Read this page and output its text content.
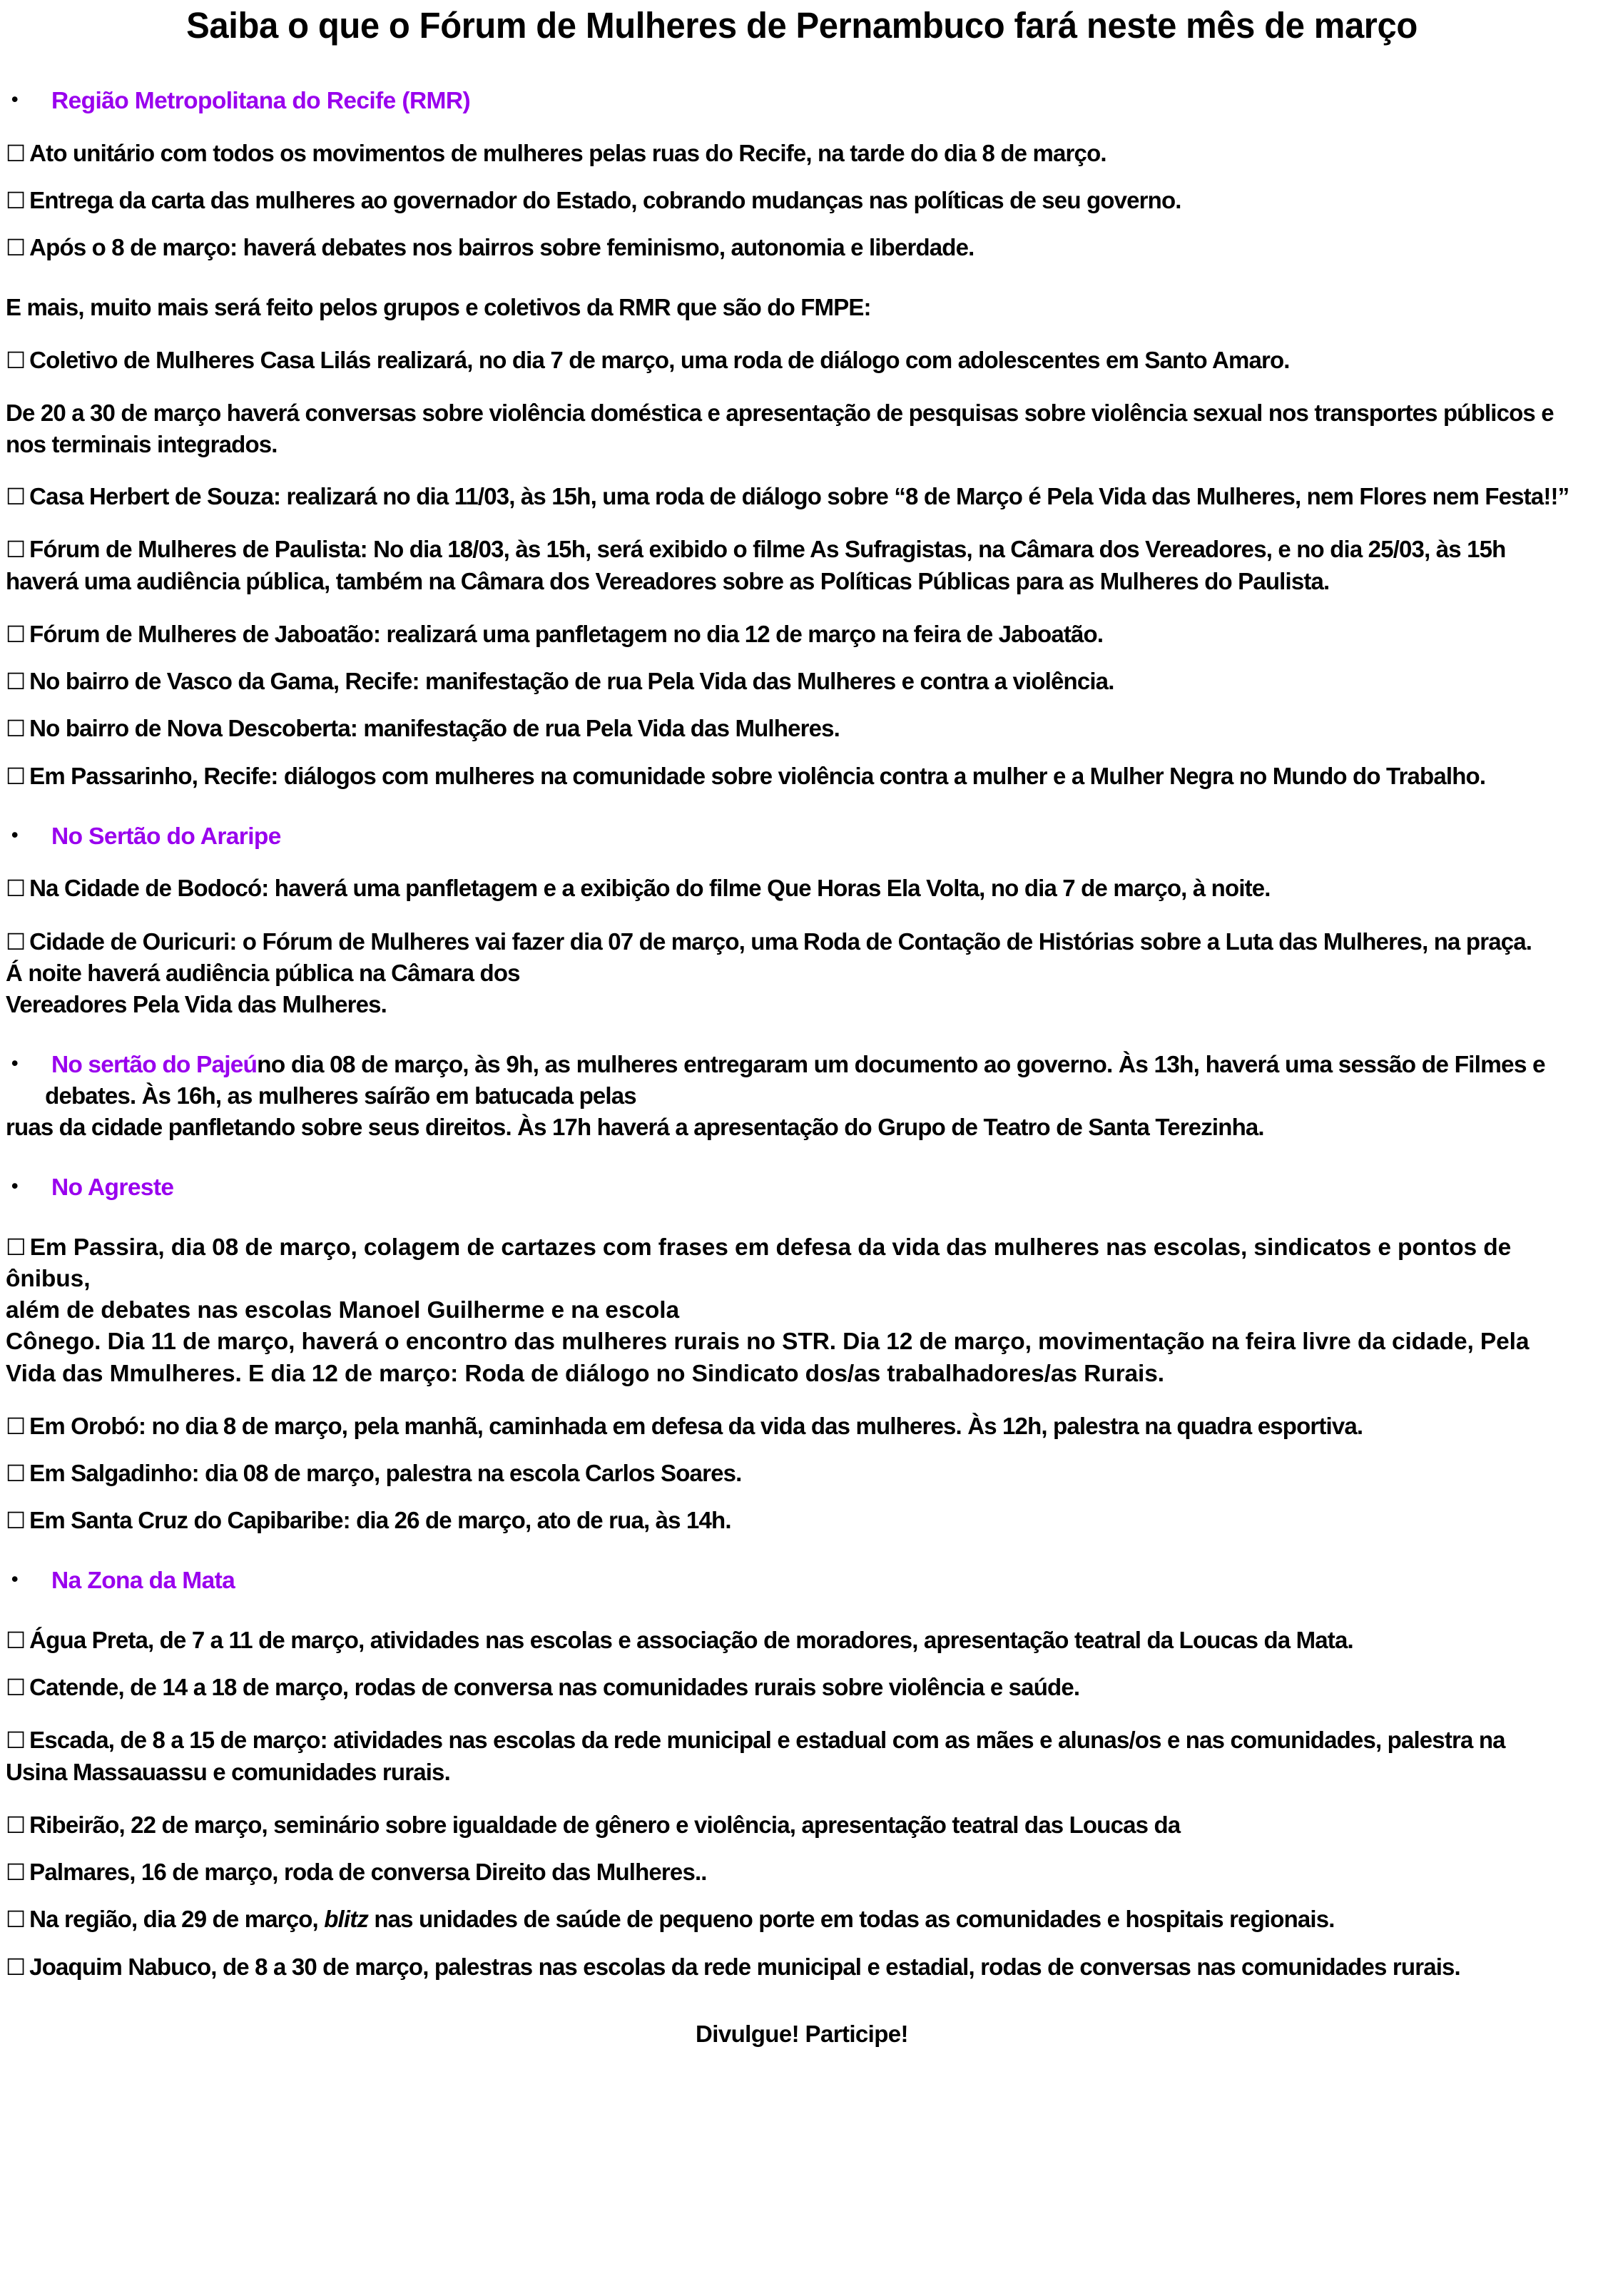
Saiba o que o Fórum de Mulheres de Pernambuco fará neste mês de março
•	Região Metropolitana do Recife (RMR)
☐ Ato unitário com todos os movimentos de mulheres pelas ruas do Recife, na tarde do dia 8 de março.
☐ Entrega da carta das mulheres ao governador do Estado, cobrando mudanças nas políticas de seu governo.
☐ Após o 8 de março: haverá debates nos bairros sobre feminismo, autonomia e liberdade.

E mais, muito mais será feito pelos grupos e coletivos da RMR que são do FMPE:

☐ Coletivo de Mulheres Casa Lilás realizará, no dia 7 de março, uma roda de diálogo com adolescentes em Santo Amaro.

De 20 a 30 de março haverá conversas sobre violência doméstica e apresentação de pesquisas sobre violência sexual nos transportes públicos e nos terminais integrados.

☐ Casa Herbert de Souza: realizará no dia 11/03, às 15h, uma roda de diálogo sobre “8 de Março é Pela Vida das Mulheres, nem Flores nem Festa!!”
☐ Fórum de Mulheres de Paulista: No dia 18/03, às 15h, será exibido o filme As Sufragistas, na Câmara dos Vereadores, e no dia 25/03, às 15h haverá uma audiência pública, também na Câmara dos Vereadores sobre as Políticas Públicas para as Mulheres do Paulista.
☐ Fórum de Mulheres de Jaboatão: realizará uma panfletagem no dia 12 de março na feira de Jaboatão.
☐ No bairro de Vasco da Gama, Recife: manifestação de rua Pela Vida das Mulheres e contra a violência.
☐ No bairro de Nova Descoberta: manifestação de rua Pela Vida das Mulheres.
☐ Em Passarinho, Recife: diálogos com mulheres na comunidade sobre violência contra a mulher e a Mulher Negra no Mundo do Trabalho.
•	No Sertão do Araripe
☐ Na Cidade de Bodocó: haverá uma panfletagem e a exibição do filme Que Horas Ela Volta, no dia 7 de março, à noite.
☐ Cidade de Ouricuri: o Fórum de Mulheres vai fazer dia 07 de março, uma Roda de Contação de Histórias sobre a Luta das Mulheres, na praça.
Á noite haverá audiência pública na Câmara dos
Vereadores Pela Vida das Mulheres.
•	No sertão do Pajeúno dia 08 de março, às 9h, as mulheres entregaram um documento ao governo. Às 13h, haverá uma sessão de Filmes e
debates. Às 16h, as mulheres saírão em batucada pelas
ruas da cidade panfletando sobre seus direitos. Às 17h haverá a apresentação do Grupo de Teatro de Santa Terezinha.
•	No Agreste
☐ Em Passira, dia 08 de março, colagem de cartazes com frases em defesa da vida das mulheres nas escolas, sindicatos e pontos de ônibus,
além de debates nas escolas Manoel Guilherme e na escola
Cônego. Dia 11 de março, haverá o encontro das mulheres rurais no STR. Dia 12 de março, movimentação na feira livre da cidade, Pela
Vida das Mmulheres. E dia 12 de março: Roda de diálogo no Sindicato dos/as trabalhadores/as Rurais.
☐ Em Orobó: no dia 8 de março, pela manhã, caminhada em defesa da vida das mulheres. Às 12h, palestra na quadra esportiva.
☐ Em Salgadinho: dia 08 de março, palestra na escola Carlos Soares.
☐ Em Santa Cruz do Capibaribe: dia 26 de março, ato de rua, às 14h.
•	Na Zona da Mata
☐ Água Preta, de 7 a 11 de março, atividades nas escolas e associação de moradores, apresentação teatral da Loucas da Mata.
☐ Catende, de 14 a 18 de março, rodas de conversa nas comunidades rurais sobre violência e saúde.
☐ Escada, de 8 a 15 de março: atividades nas escolas da rede municipal e estadual com as mães e alunas/os e nas comunidades, palestra na
Usina Massauassu e comunidades rurais.
☐ Ribeirão, 22 de março, seminário sobre igualdade de gênero e violência, apresentação teatral das Loucas da
☐ Palmares, 16 de março, roda de conversa Direito das Mulheres..
☐ Na região, dia 29 de março, blitz nas unidades de saúde de pequeno porte em todas as comunidades e hospitais regionais.
☐ Joaquim Nabuco, de 8 a 30 de março, palestras nas escolas da rede municipal e estadial, rodas de conversas nas comunidades rurais.
Divulgue! Participe!
